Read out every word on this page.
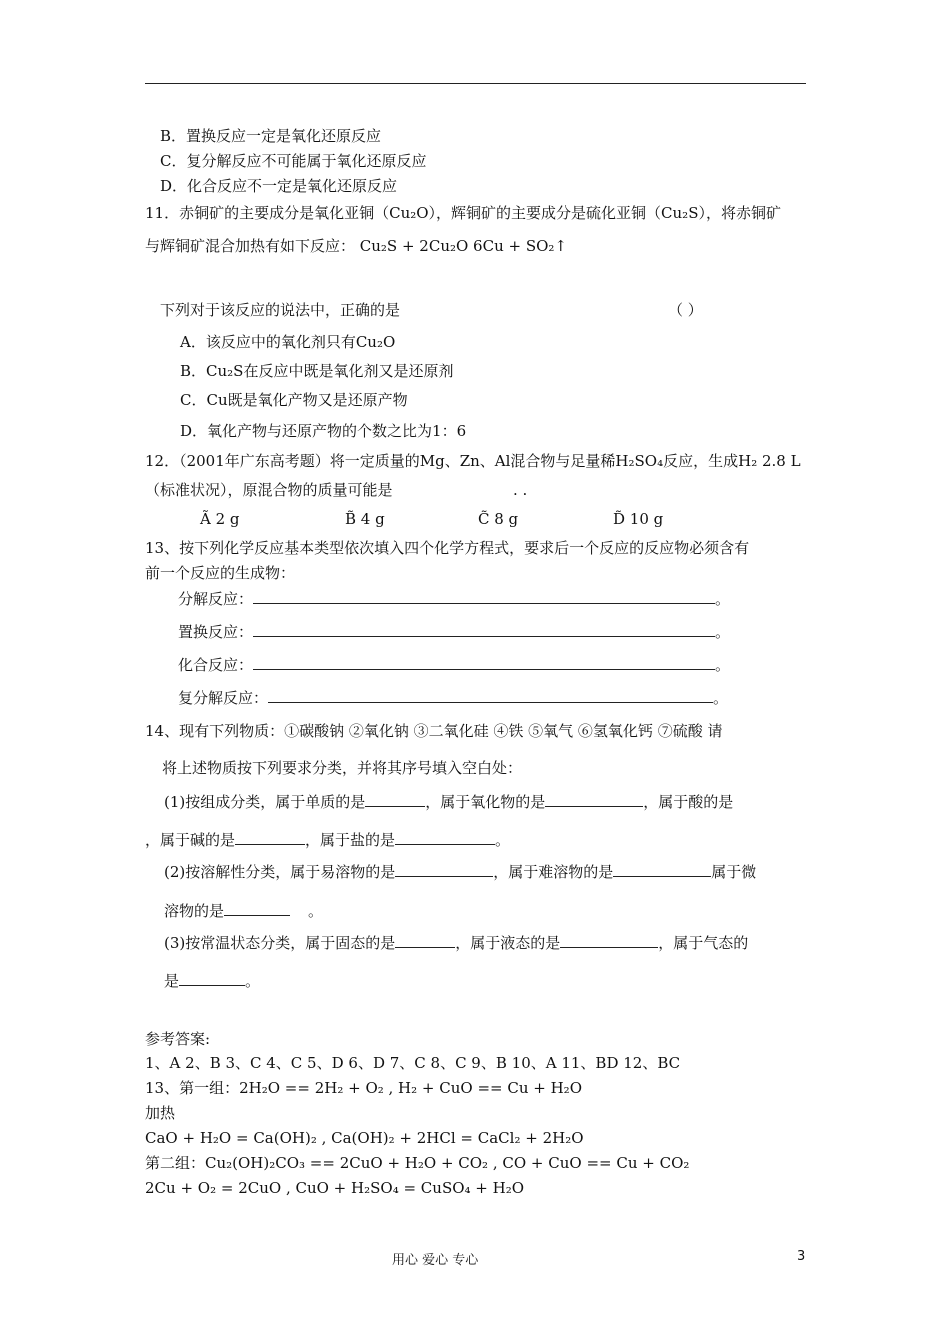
B．置换反应一定是氧化还原反应
C．复分解反应不可能属于氧化还原反应
D．化合反应不一定是氧化还原反应
11．赤铜矿的主要成分是氧化亚铜（Cu₂O），辉铜矿的主要成分是硫化亚铜（Cu₂S），将赤铜矿
与辉铜矿混合加热有如下反应： Cu₂S + 2Cu₂O 6Cu + SO₂↑
下列对于该反应的说法中，正确的是	（ ）
A．该反应中的氧化剂只有Cu₂O
B．Cu₂S在反应中既是氧化剂又是还原剂
C．Cu既是氧化产物又是还原产物
D．氧化产物与还原产物的个数之比为1：6
12．（2001年广东高考题）将一定质量的Mg、Zn、Al混合物与足量稀H₂SO₄反应，生成H₂ 2.8 L
（标准状况），原混合物的质量可能是	. .
Ã 2 g	B̃ 4 g	C̃ 8 g	D̃ 10 g
13、按下列化学反应基本类型依次填入四个化学方程式，要求后一个反应的反应物必须含有
前一个反应的生成物：
分解反应：	。
置换反应：	。
化合反应：	。
复分解反应：	。
14、现有下列物质：①碳酸钠 ②氧化钠 ③二氧化硅 ④铁 ⑤氧气 ⑥氢氧化钙 ⑦硫酸 请
将上述物质按下列要求分类，并将其序号填入空白处：
(1)按组成分类，属于单质的是	，属于氧化物的是	，属于酸的是
，属于碱的是	，属于盐的是	。
(2)按溶解性分类，属于易溶物的是	，属于难溶物的是	属于微
溶物的是	。
(3)按常温状态分类，属于固态的是	，属于液态的是	，属于气态的
是	。
参考答案:
1、A 2、B 3、C 4、C 5、D 6、D 7、C 8、C 9、B 10、A 11、BD 12、BC
13、第一组：2H₂O == 2H₂ + O₂ , H₂ + CuO == Cu + H₂O
加热
CaO + H₂O = Ca(OH)₂ , Ca(OH)₂ + 2HCl = CaCl₂ + 2H₂O
第二组：Cu₂(OH)₂CO₃ == 2CuO + H₂O + CO₂ , CO + CuO == Cu + CO₂
2Cu + O₂ = 2CuO , CuO + H₂SO₄ = CuSO₄ + H₂O
用心 爱心 专心	3
